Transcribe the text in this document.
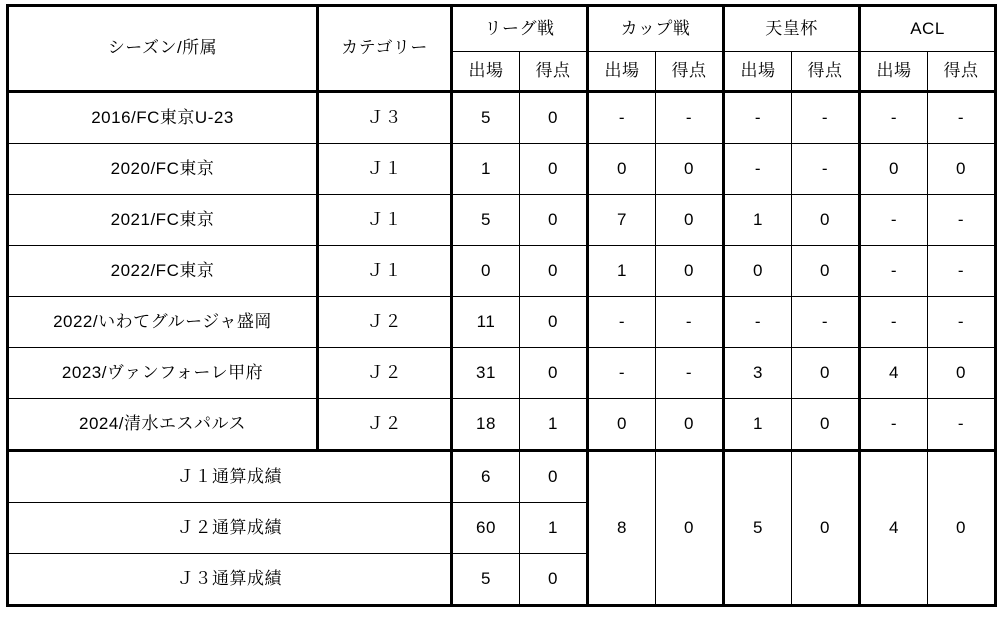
シーズン/所属	カテゴリー	リーグ戦		カップ戦		天皇杯		ACL	
		出場	得点	出場	得点	出場	得点	出場	得点
2016/FC東京U-23	Ｊ３	5	0	-	-	-	-	-	-
2020/FC東京	Ｊ１	1	0	0	0	-	-	0	0
2021/FC東京	Ｊ１	5	0	7	0	1	0	-	-
2022/FC東京	Ｊ１	0	0	1	0	0	0	-	-
2022/いわてグルージャ盛岡	Ｊ２	11	0	-	-	-	-	-	-
2023/ヴァンフォーレ甲府	Ｊ２	31	0	-	-	3	0	4	0
2024/清水エスパルス	Ｊ２	18	1	0	0	1	0	-	-
Ｊ１通算成績		6	0	8	0	5	0	4	0
Ｊ２通算成績		60	1						
Ｊ３通算成績		5	0						
